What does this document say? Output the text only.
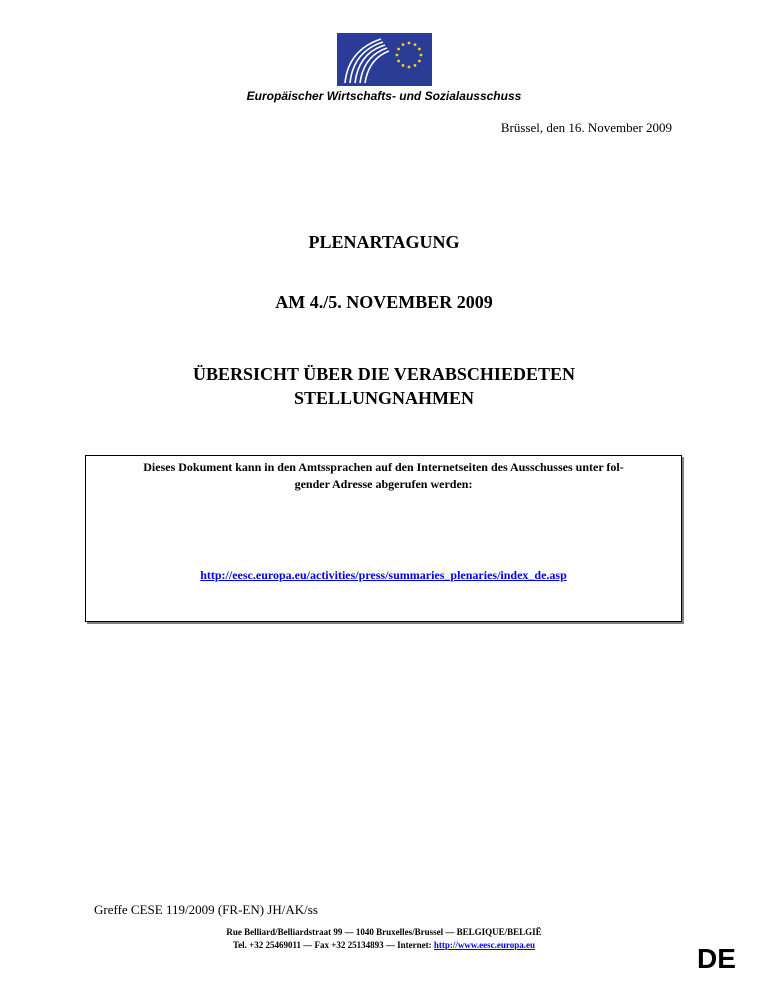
Europäischer Wirtschafts- und Sozialausschuss
Brüssel, den 16. November 2009
PLENARTAGUNG
AM 4./5. NOVEMBER 2009
ÜBERSICHT ÜBER DIE VERABSCHIEDETEN
STELLUNGNAHMEN
Dieses Dokument kann in den Amtssprachen auf den Internetseiten des Ausschusses unter fol-
gender Adresse abgerufen werden:
http://eesc.europa.eu/activities/press/summaries_plenaries/index_de.asp
Greffe CESE 119/2009 (FR-EN) JH/AK/ss
Rue Belliard/Belliardstraat 99 — 1040 Bruxelles/Brussel — BELGIQUE/BELGIË
Tel. +32 25469011 — Fax +32 25134893 — Internet: http://www.eesc.europa.eu	DE
